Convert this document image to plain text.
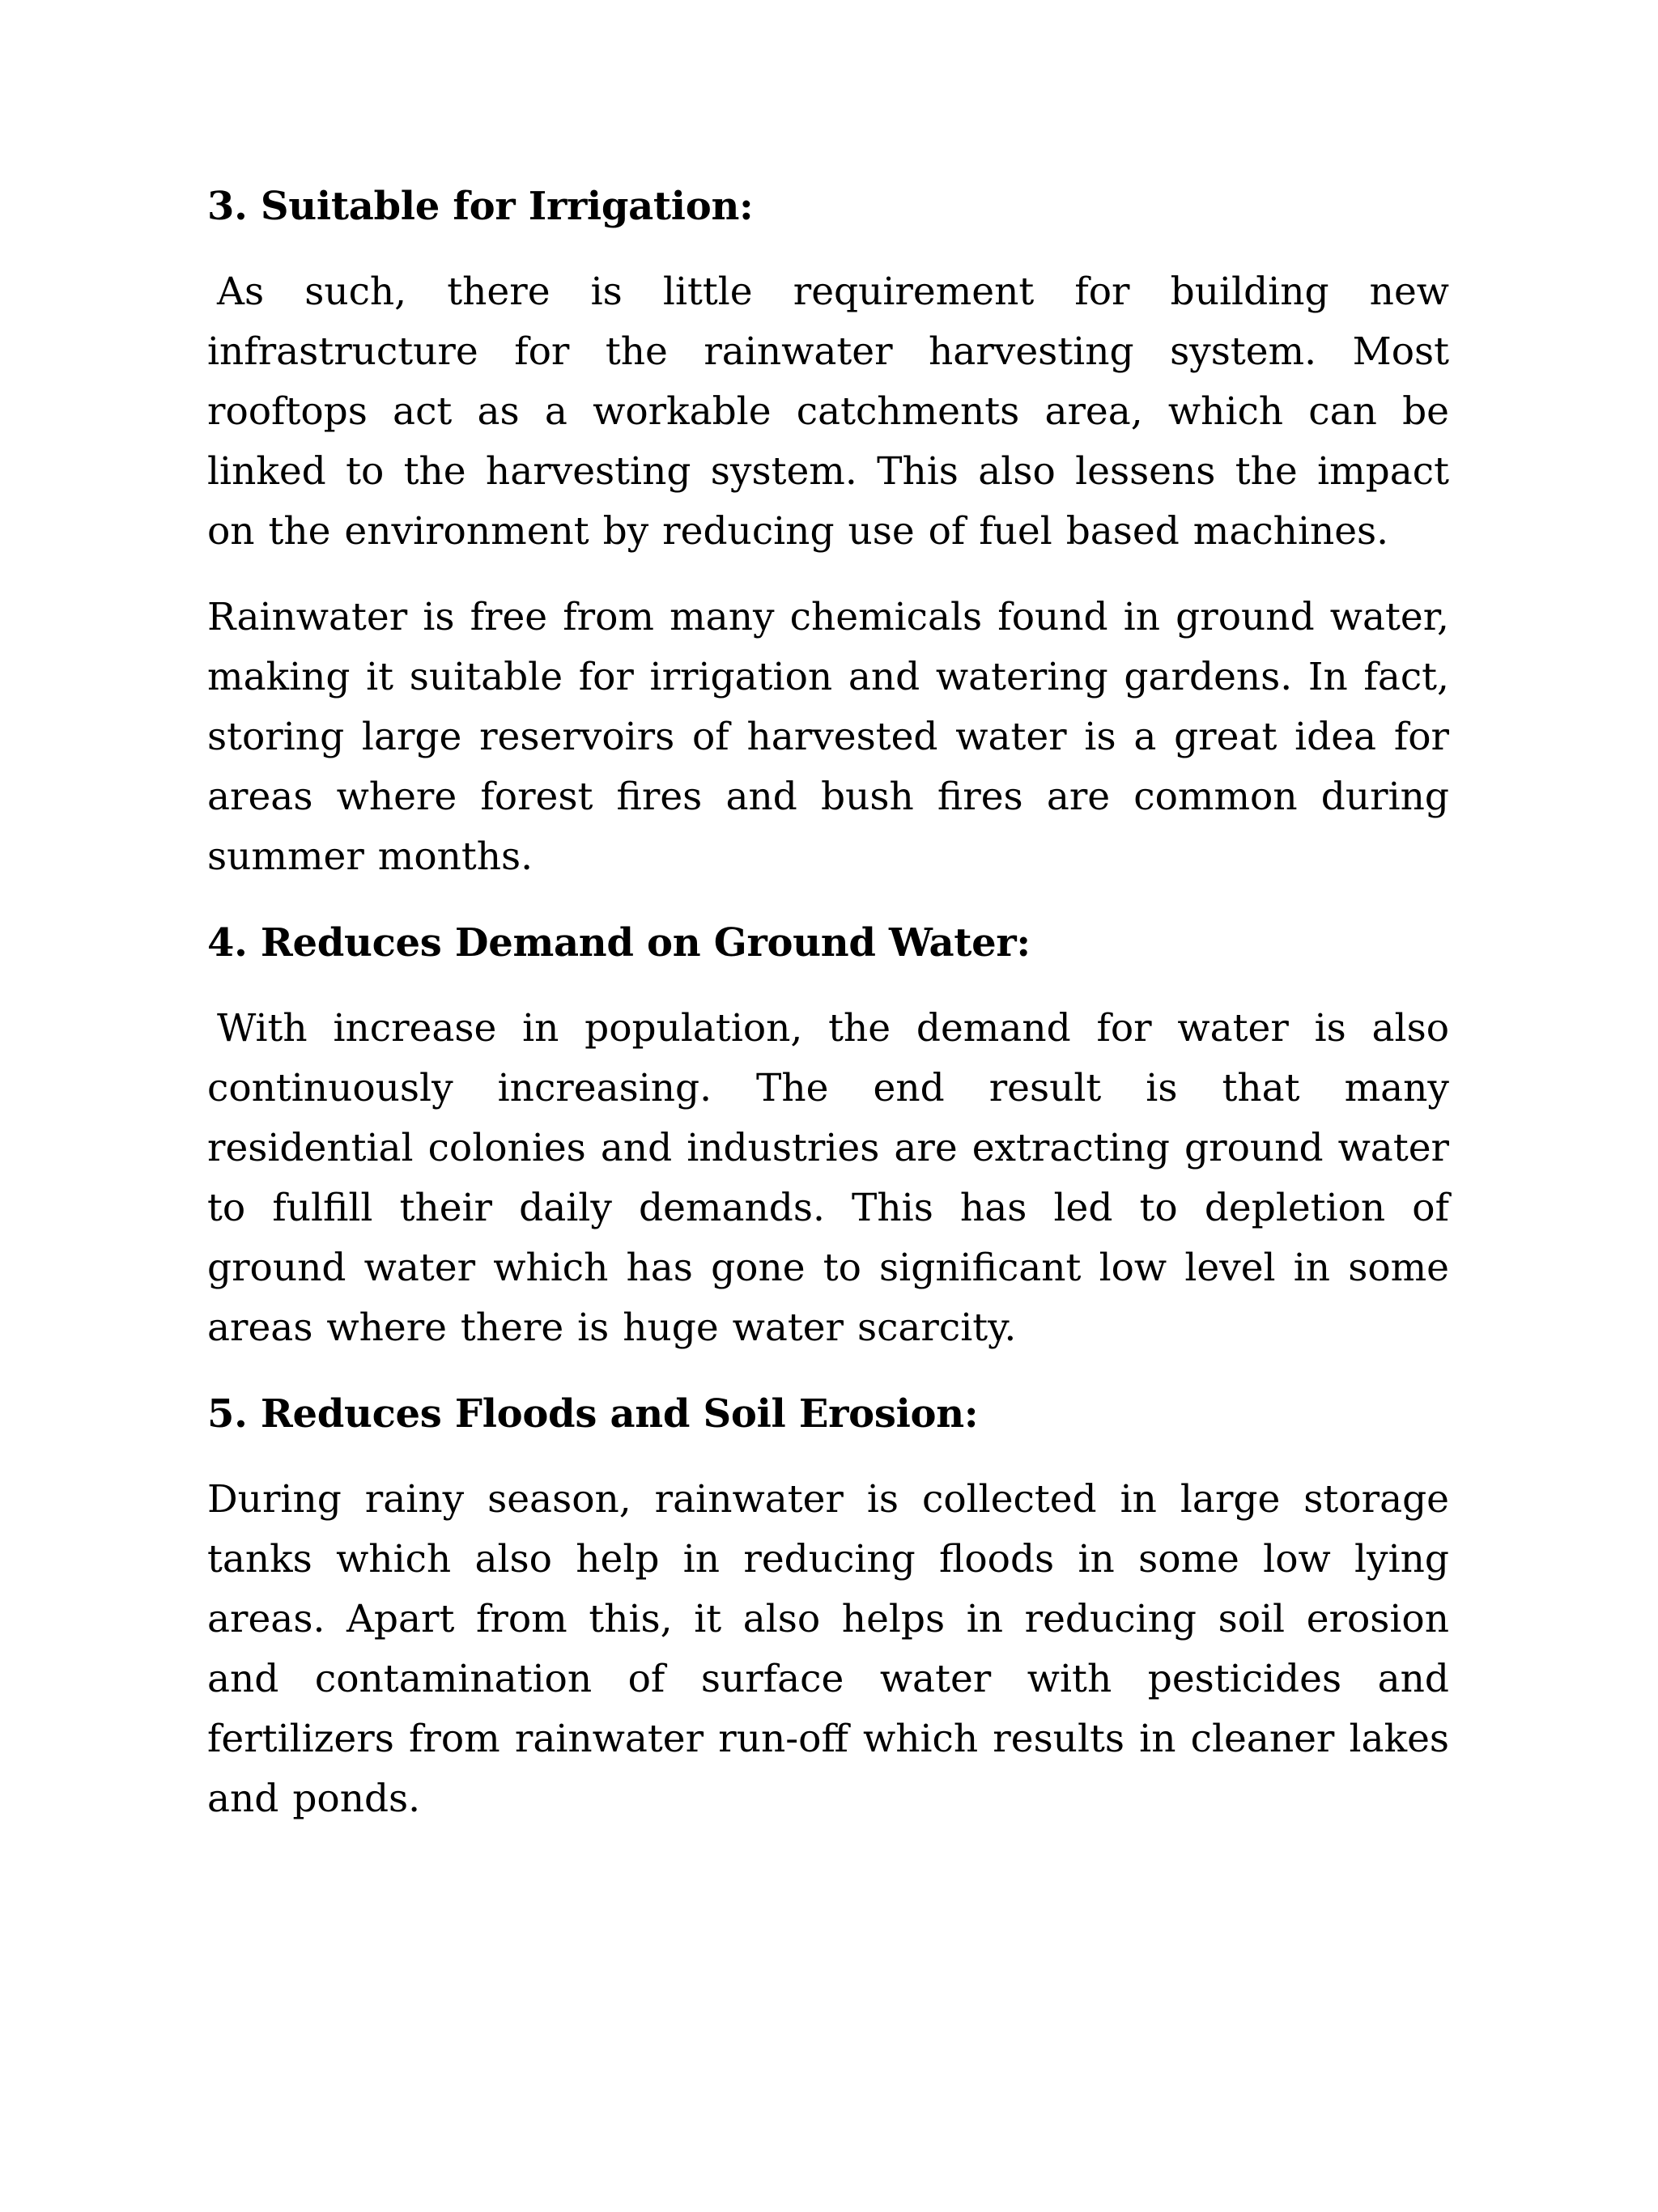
3. Suitable for Irrigation:

As such, there is little requirement for building new infrastructure for the rainwater harvesting system. Most rooftops act as a workable catchments area, which can be linked to the harvesting system. This also lessens the impact on the environment by reducing use of fuel based machines.

Rainwater is free from many chemicals found in ground water, making it suitable for irrigation and watering gardens. In fact, storing large reservoirs of harvested water is a great idea for areas where forest fires and bush fires are common during summer months.

4. Reduces Demand on Ground Water:

With increase in population, the demand for water is also continuously increasing. The end result is that many residential colonies and industries are extracting ground water to fulfill their daily demands. This has led to depletion of ground water which has gone to significant low level in some areas where there is huge water scarcity.

5. Reduces Floods and Soil Erosion:

During rainy season, rainwater is collected in large storage tanks which also help in reducing floods in some low lying areas. Apart from this, it also helps in reducing soil erosion and contamination of surface water with pesticides and fertilizers from rainwater run-off which results in cleaner lakes and ponds.
